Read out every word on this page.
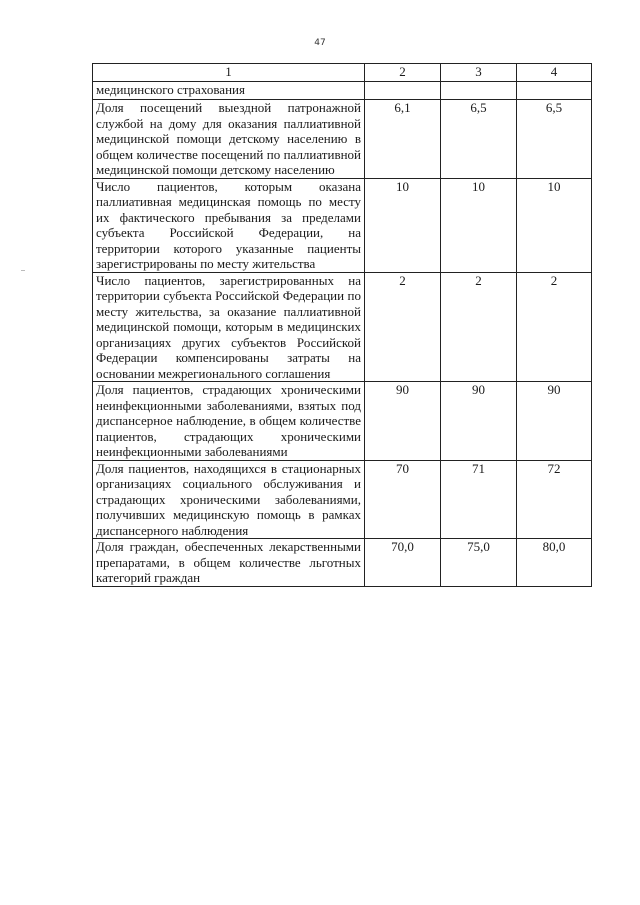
47
1	2	3	4
медицинского страхования			
Доля посещений выездной патронажной службой на дому для оказания паллиативной медицинской помощи детскому населению в общем количестве посещений по паллиативной медицинской помощи детскому населению	6,1	6,5	6,5
Число пациентов, которым оказана паллиативная медицинская помощь по месту их фактического пребывания за пределами субъекта Российской Федерации, на территории которого указанные пациенты зарегистрированы по месту жительства	10	10	10
Число пациентов, зарегистрированных на территории субъекта Российской Федерации по месту жительства, за оказание паллиативной медицинской помощи, которым в медицинских организациях других субъектов Российской Федерации компенсированы затраты на основании межрегионального соглашения	2	2	2
Доля пациентов, страдающих хроническими неинфекционными заболеваниями, взятых под диспансерное наблюдение, в общем количестве пациентов, страдающих хроническими неинфекционными заболеваниями	90	90	90
Доля пациентов, находящихся в стационарных организациях социального обслуживания и страдающих хроническими заболеваниями, получивших медицинскую помощь в рамках диспансерного наблюдения	70	71	72
Доля граждан, обеспеченных лекарственными препаратами, в общем количестве льготных категорий граждан	70,0	75,0	80,0
